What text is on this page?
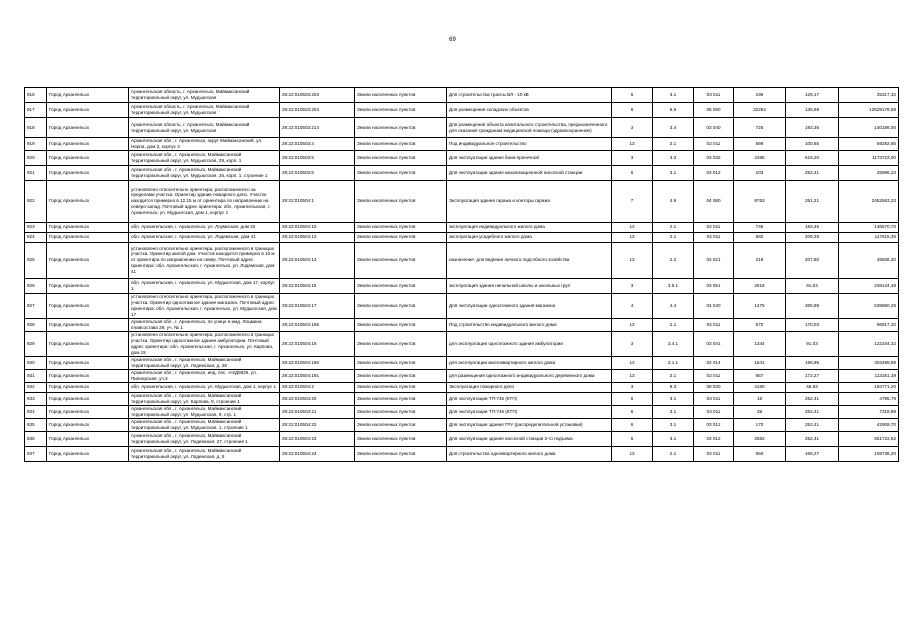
69
916	Город Архангельск	Архангельская область, г. Архангельск, Маймаксанский территориальный округ, ул. Мудьюгская	29:22:010503:203	Земли населенных пунктов	Для строительства трассы ВЛ - 10 кВ	6	3.1	03 011	198	129,17	25317,32
917	Город Архангельск	Архангельская область, г. Архангельск, Маймаксанский территориальный округ, ул. Мудьюгская	29:22:010503:204	Земли населенных пунктов	Для размещения складских объектов	6	6.9	06 090	32262	135,68	12529178,58
918	Город Архангельск	Архангельская область, г. Архангельск, Маймаксанский территориальный округ, ул. Мудьюгская	29:22:010503:214	Земли населенных пунктов	Для размещения объекта капитального строительства, предназначенного для оказания гражданам медицинской помощи (здравоохранение)	3	3.4	03 040	725	193,36	140186,00
919	Город Архангельск	Архангельская обл., г. Архангельск, округ Маймаксанский, ул. Нерпа, дом 2, корпус 3	29:22:010503:4	Земли населенных пунктов	Под индивидуальное строительство	13	2.1	02 011	599	100,65	59282,65
920	Город Архангельск	Архангельская обл., г. Архангельск, Маймаксанский территориальный округ, ул. Мудьюгская, 29, корп. 1	29:22:010503:5	Земли населенных пунктов	Для эксплуатации здания бани-прачечной	3	3.3	03 032	2265	518,20	1173723,00
921	Город Архангельск	Архангельская обл., г. Архангельск, Маймаксанский территориальный округ, ул. Мудьюгская, 25, корп. 1, строение 1	29:22:010503:6	Земли населенных пунктов	Для эксплуатации здания канализационной насосной станции	6	3.1	03 012	103	252,41	25996,23
922	Город Архангельск	установлено относительно ориентира, расположенного за пределами участка. Ориентир здание пожарного депо. Участок находится примерно в 12,15 м от ориентира по направлению на северо-запад. Почтовый адрес ориентира: обл. Архангельская, г. Архангельск, ул. Мудьюгская, дом 1, корпус 1	29:22:010504:1	Земли населенных пунктов	Эксплуатация здания гаража и конторы гаража	7	4.9	04 080	9763	251,21	2452563,23
923	Город Архангельск	обл. Архангельская, г. Архангельск, ул. Лоумнская, дом 22	29:22:010504:10	Земли населенных пунктов	эксплуатация индивидуального жилого дома	13	2.1	02 011	745	183,45	136670,70
924	Город Архангельск	обл. Архангельская, г. Архангельск, ул. Лодемская, дом 41	29:22:010504:13	Земли населенных пунктов	эксплуатация усадебного жилого дома	13	2.1	02 011	582	209,28	117615,35
925	Город Архангельск	установлено относительно ориентира, расположенного в границах участка. Ориентир жилой дом. Участок находится примерно в 15 м от ориентира по направлению на север. Почтовый адрес ориентира: обл. Архангельская, г. Архангельск, ул. Лодемская, дом 41	29:22:010504:14	Земли населенных пунктов	назначение: для ведения личного подсобного хозяйства	13	2.2	02 021	219	207,80	45508,20
926	Город Архангельск	обл. Архангельская, г. Архангельск, ул. Мудьюгская, дом 17, корпус 1	29:22:010504:15	Земли населенных пунктов	эксплуатация здания начальной школы и школьных груп	3	3.5.1	03 051	2616	91,03	238134,48
927	Город Архангельск	установлено относительно ориентира, расположенного в границах участка. Ориентир одноэтажное здание магазина. Почтовый адрес ориентира: обл. Архангельская, г. Архангельск, ул. Мудьюгская, дом 17	29:22:010504:17	Земли населенных пунктов	Для эксплуатации одноэтажного здания магазина	4	4.4	04 040	1475	365,99	539860,25
928	Город Архангельск	Архангельская обл., г. Архангельск, по улице в имд. Лоцмана плавсостава 29, уч. № 1	29:22:010504:186	Земли населенных пунктов	Под строительство индивидуального жилого дома	13	2.1	02 011	570	170,03	96917,10
929	Город Архангельск	установлено относительно ориентира, расположенного в границах участка. Ориентир одноэтажное здание амбулатории. Почтовый адрес ориентира: обл. Архангельская, г. Архангельск, ул. Карпова, дом 15	29:22:010504:19	Земли населенных пунктов	для эксплуатации одноэтажного здания амбулатории	3	3.4.1	03 041	1344	91,03	122344,32
930	Город Архангельск	Архангельская обл., г. Архангельск, Маймаксанский территориальный округ, ул. Лодемская, д. 28	29:22:010504:190	Земли населенных пунктов	для эксплуатации многоквартирного жилого дома	13	2.1.1	02 014	1541	196,95	303499,95
931	Город Архангельск	Архангельская обл., г. Архангельск, инд. пос. «Н/Д9025, ул. Пионерская, уч.3	29:22:010504:191	Земли населенных пунктов	для размещения одноэтажного индивидуального деревянного дома	13	2.1	02 011	657	172,27	113161,39
932	Город Архангельск	обл. Архангельская, г. Архангельск, ул. Мудьюгская, дом 1, корпус 1	29:22:010504:2	Земли населенных пунктов	Эксплуатация пожарного депо	3	8.3	08 030	4160	46,83	194771,20
933	Город Архангельск	Архангельская обл., г. Архангельск, Маймаксанский территориальный округ, ул. Карпова, 9, строение 1	29:22:010504:20	Земли населенных пунктов	Для эксплуатации ТП-745 (КТП)	6	3.1	03 011	19	252,41	4795,79
934	Город Архангельск	Архангельская обл., г. Архангельск, Маймаксанский территориальный округ, ул. Мудьюгская, 9, стр. 1	29:22:010504:21	Земли населенных пунктов	Для эксплуатации ТП-746 (КТП)	6	3.1	03 011	29	252,41	7319,89
935	Город Архангельск	Архангельская обл., г. Архангельск, Маймаксанский территориальный округ, ул. Мудьюгская, 1, строение 1	29:22:010504:22	Земли населенных пунктов	Для эксплуатации здания ГРУ (распределительной установки)	6	3.1	03 012	170	252,41	42909,70
936	Город Архангельск	Архангельская обл., г. Архангельск, Маймаксанский территориальный округ, ул. Лодемская, 27, строение 1	29:22:010504:23	Земли населенных пунктов	Для эксплуатации здания насосной станции 2-го подъема	6	3.1	03 012	2582	252,41	651722,62
937	Город Архангельск	Архангельская обл., г. Архангельск, Маймаксанский территориальный округ, ул. Лодемская, д. 5	29:22:010504:24	Земли населенных пунктов	Для строительства одноквартирного жилого дома	13	2.1	02 011	650	168,27	109738,20
